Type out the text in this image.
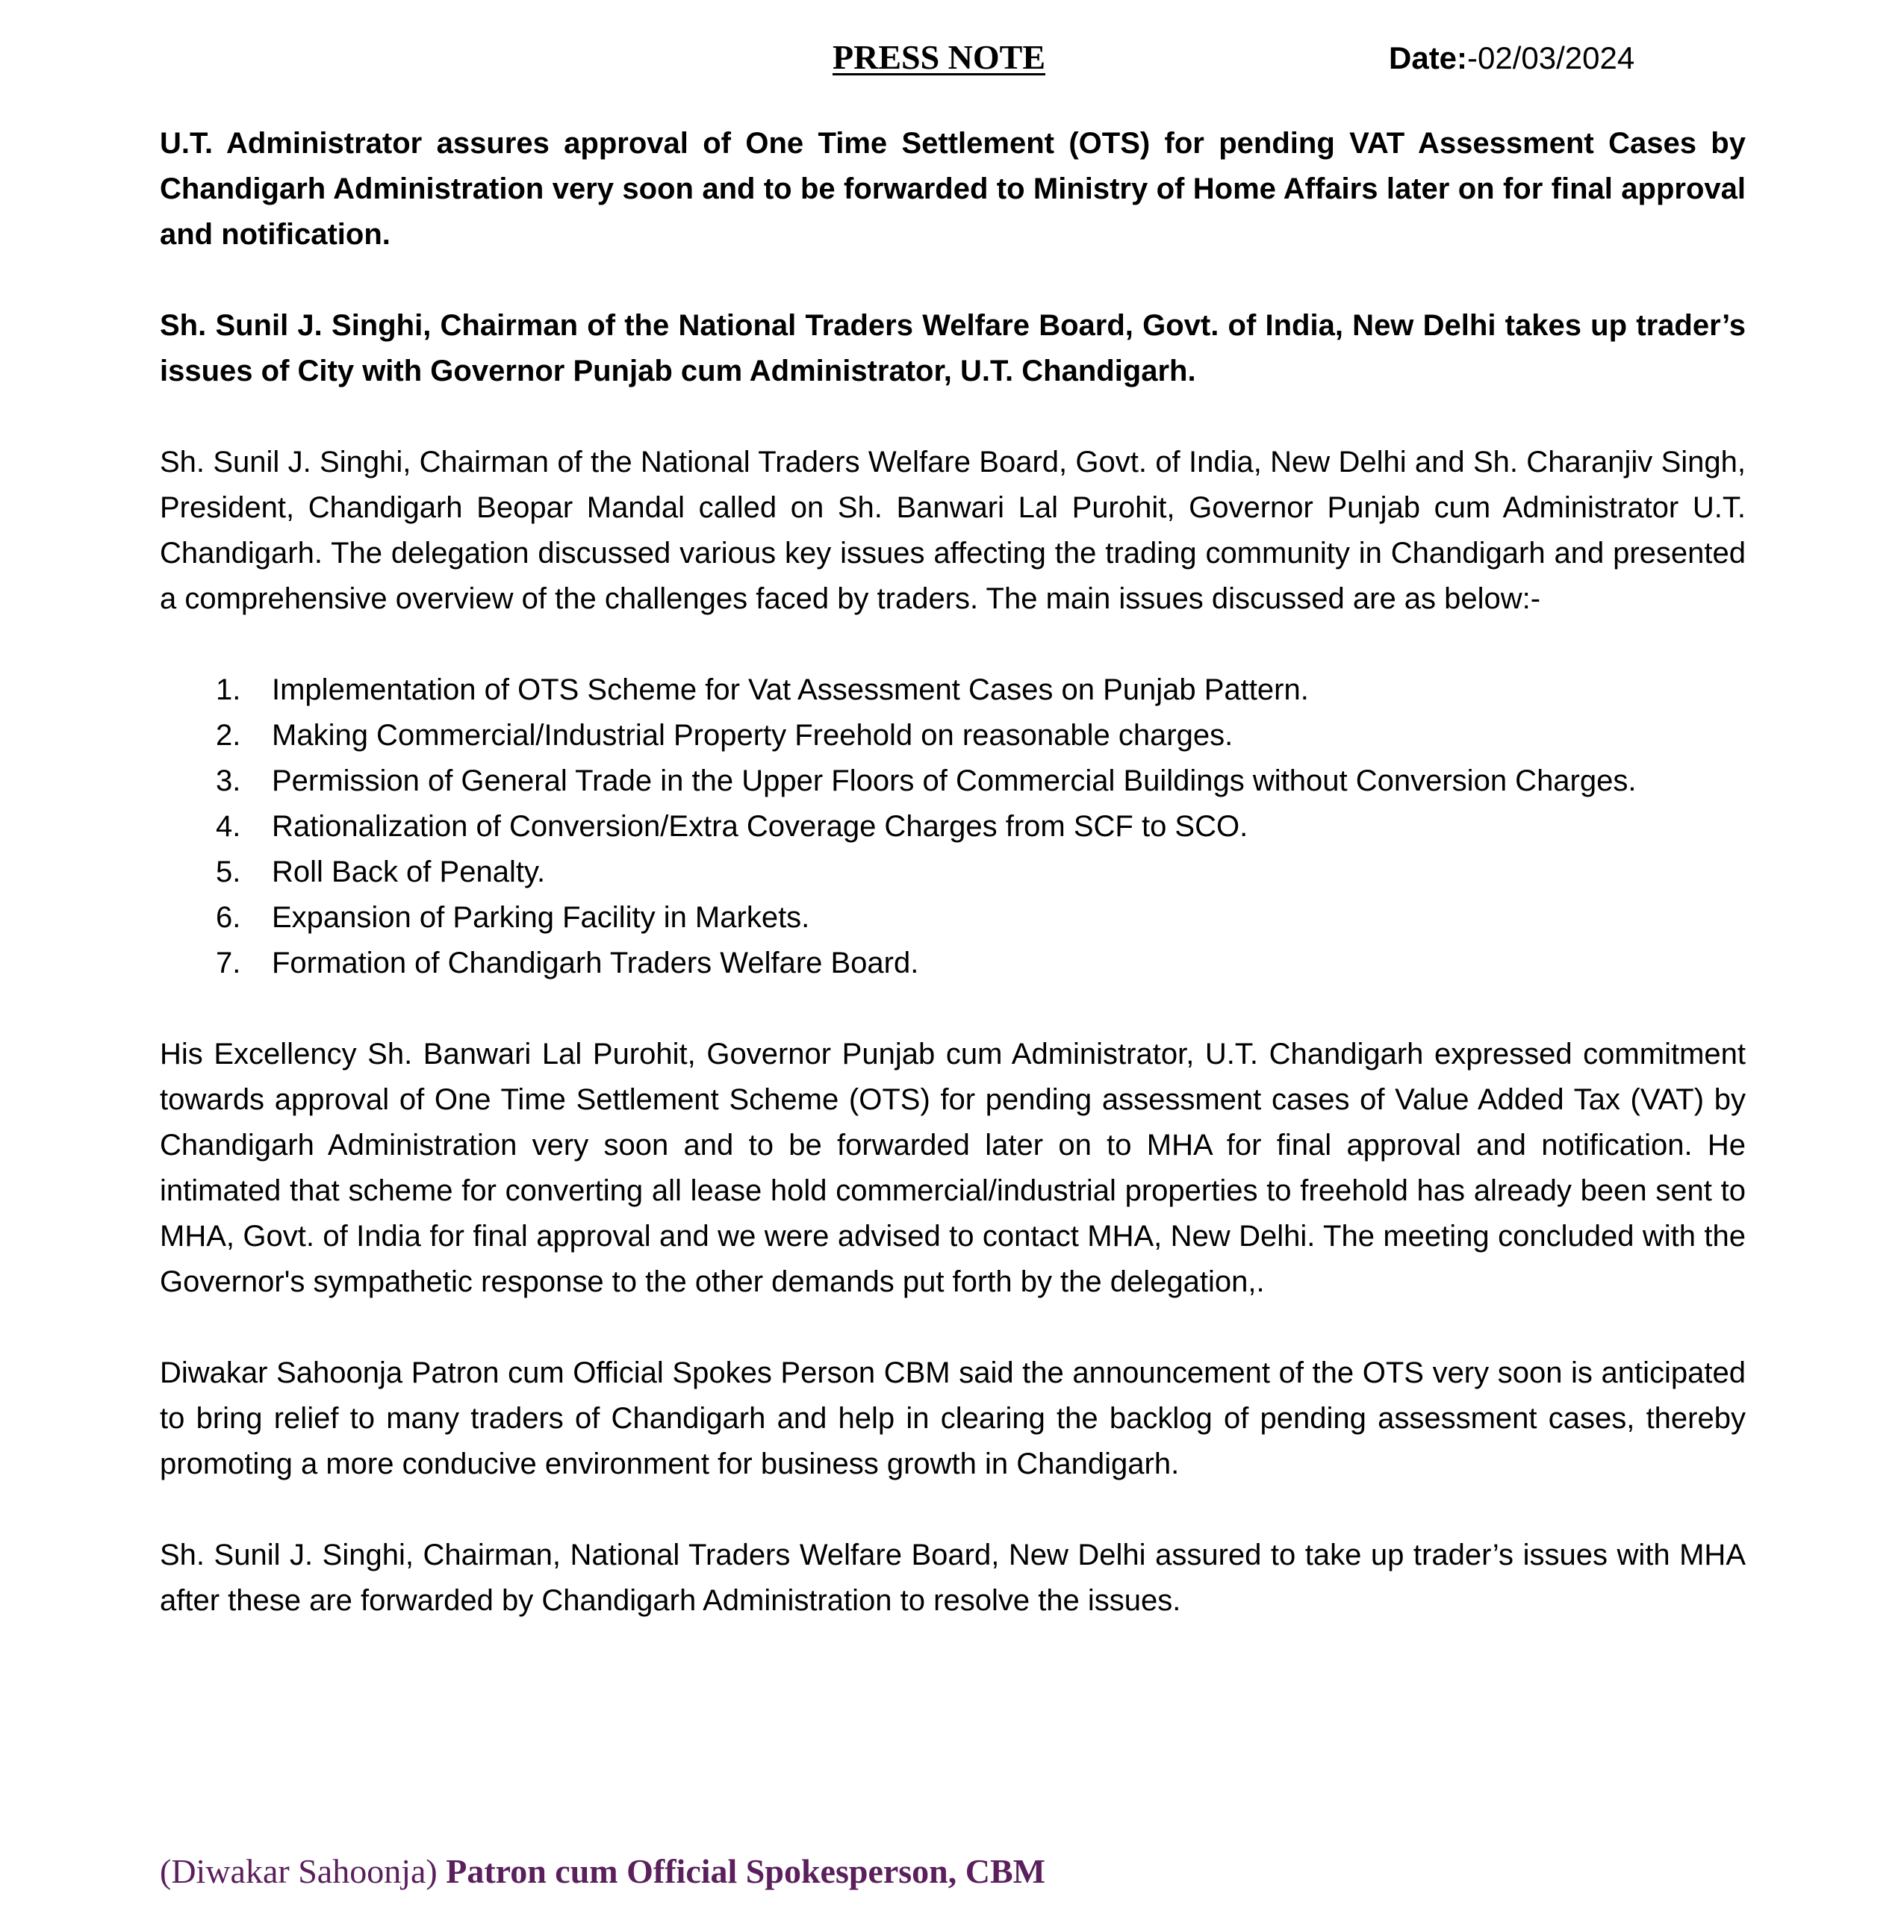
PRESS NOTE	Date:-02/03/2024

U.T. Administrator assures approval of One Time Settlement (OTS) for pending VAT Assessment Cases by Chandigarh Administration very soon and to be forwarded to Ministry of Home Affairs later on for final approval and notification.

Sh. Sunil J. Singhi, Chairman of the National Traders Welfare Board, Govt. of India, New Delhi takes up trader’s issues of City with Governor Punjab cum Administrator, U.T. Chandigarh.

Sh. Sunil J. Singhi, Chairman of the National Traders Welfare Board, Govt. of India, New Delhi and Sh. Charanjiv Singh, President, Chandigarh Beopar Mandal called on Sh. Banwari Lal Purohit, Governor Punjab cum Administrator U.T. Chandigarh. The delegation discussed various key issues affecting the trading community in Chandigarh and presented a comprehensive overview of the challenges faced by traders. The main issues discussed are as below:-

1. Implementation of OTS Scheme for Vat Assessment Cases on Punjab Pattern.
2. Making Commercial/Industrial Property Freehold on reasonable charges.
3. Permission of General Trade in the Upper Floors of Commercial Buildings without Conversion Charges.
4. Rationalization of Conversion/Extra Coverage Charges from SCF to SCO.
5. Roll Back of Penalty.
6. Expansion of Parking Facility in Markets.
7. Formation of Chandigarh Traders Welfare Board.

His Excellency Sh. Banwari Lal Purohit, Governor Punjab cum Administrator, U.T. Chandigarh expressed commitment towards approval of One Time Settlement Scheme (OTS) for pending assessment cases of Value Added Tax (VAT) by Chandigarh Administration very soon and to be forwarded later on to MHA for final approval and notification. He intimated that scheme for converting all lease hold commercial/industrial properties to freehold has already been sent to MHA, Govt. of India for final approval and we were advised to contact MHA, New Delhi. The meeting concluded with the Governor's sympathetic response to the other demands put forth by the delegation,.

Diwakar Sahoonja Patron cum Official Spokes Person CBM said the announcement of the OTS very soon is anticipated to bring relief to many traders of Chandigarh and help in clearing the backlog of pending assessment cases, thereby promoting a more conducive environment for business growth in Chandigarh.

Sh. Sunil J. Singhi, Chairman, National Traders Welfare Board, New Delhi assured to take up trader’s issues with MHA after these are forwarded by Chandigarh Administration to resolve the issues.

(Diwakar Sahoonja) Patron cum Official Spokesperson, CBM
